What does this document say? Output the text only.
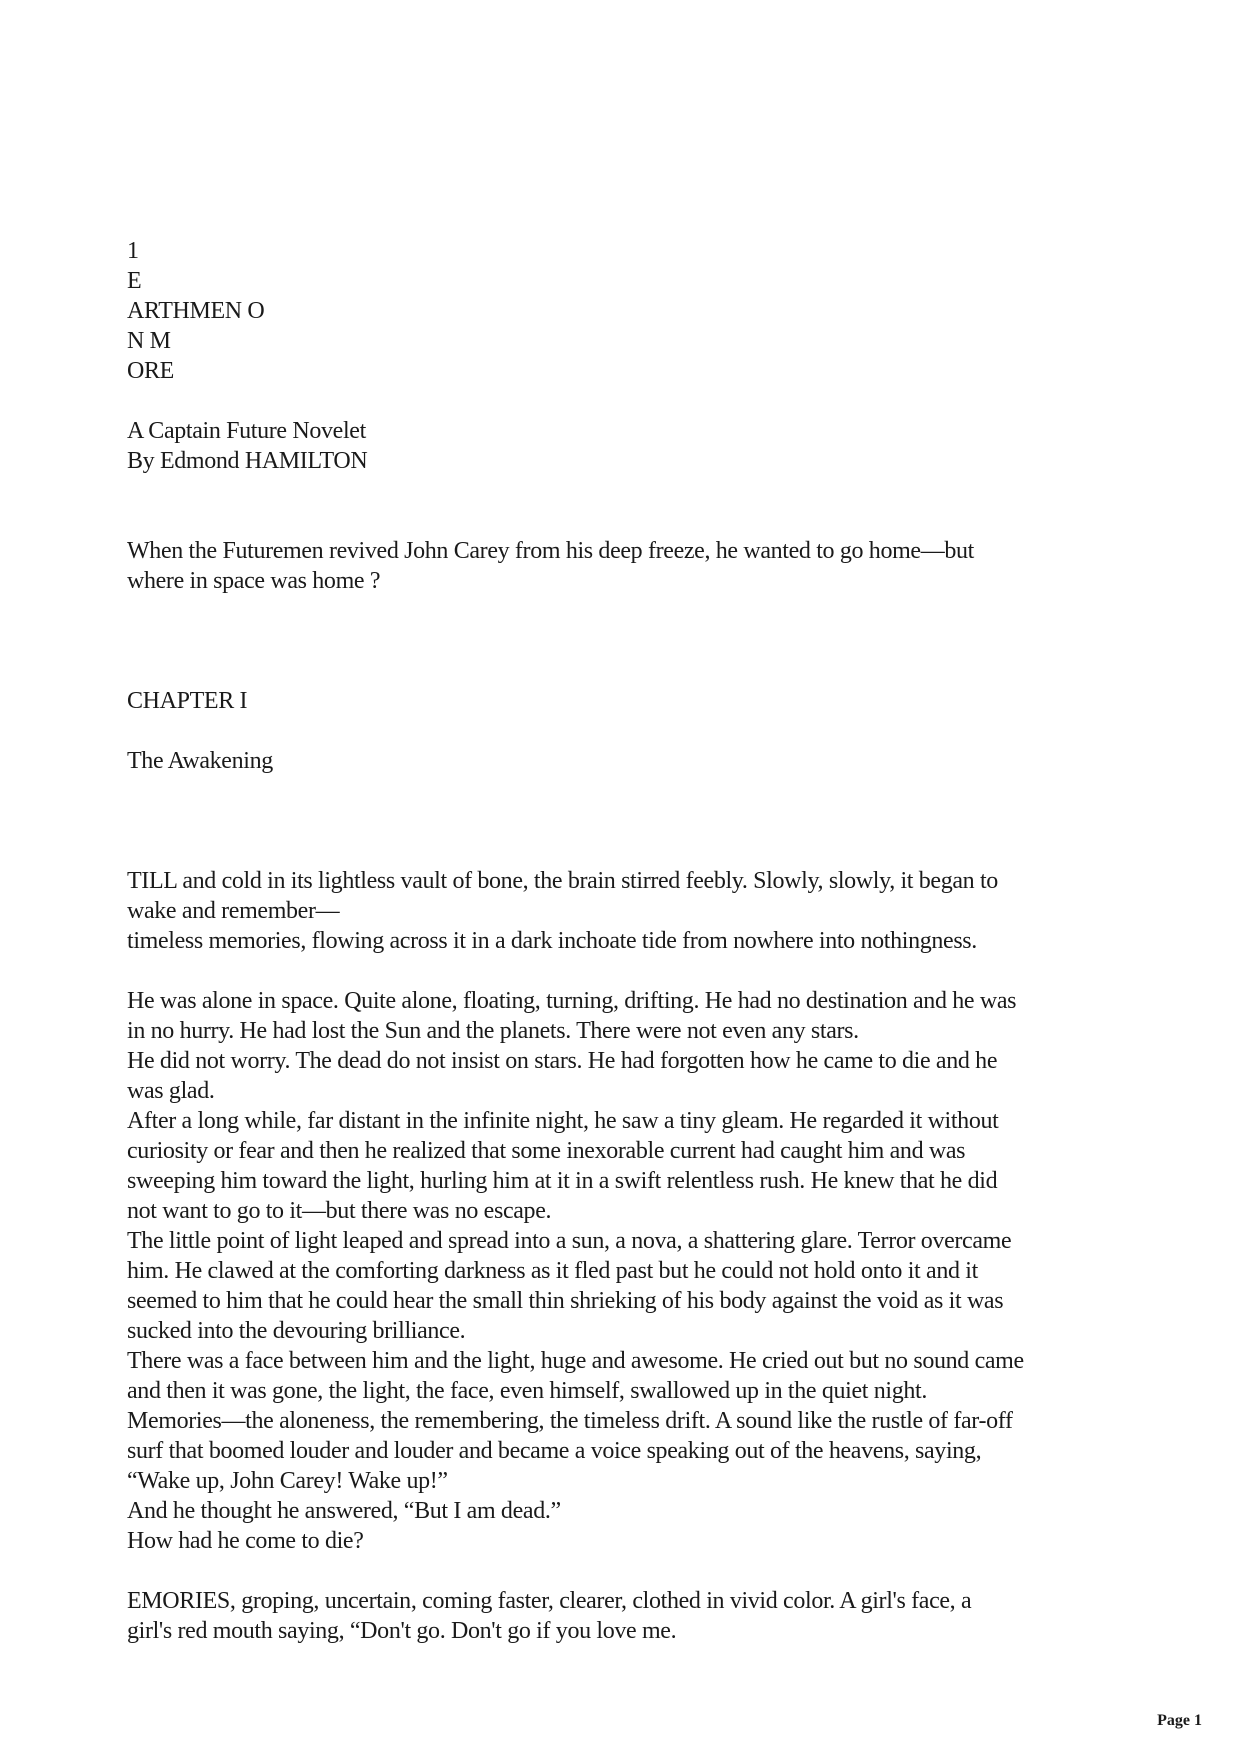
1
E
ARTHMEN O
N M
ORE
A Captain Future Novelet
By Edmond HAMILTON
When the Futuremen revived John Carey from his deep freeze, he wanted to go home—but
where in space was home ?
CHAPTER I
The Awakening
TILL and cold in its lightless vault of bone, the brain stirred feebly. Slowly, slowly, it began to
wake and remember—
timeless memories, flowing across it in a dark inchoate tide from nowhere into nothingness.
He was alone in space. Quite alone, floating, turning, drifting. He had no destination and he was
in no hurry. He had lost the Sun and the planets. There were not even any stars.
He did not worry. The dead do not insist on stars. He had forgotten how he came to die and he
was glad.
After a long while, far distant in the infinite night, he saw a tiny gleam. He regarded it without
curiosity or fear and then he realized that some inexorable current had caught him and was
sweeping him toward the light, hurling him at it in a swift relentless rush. He knew that he did
not want to go to it—but there was no escape.
The little point of light leaped and spread into a sun, a nova, a shattering glare. Terror overcame
him. He clawed at the comforting darkness as it fled past but he could not hold onto it and it
seemed to him that he could hear the small thin shrieking of his body against the void as it was
sucked into the devouring brilliance.
There was a face between him and the light, huge and awesome. He cried out but no sound came
and then it was gone, the light, the face, even himself, swallowed up in the quiet night.
Memories—the aloneness, the remembering, the timeless drift. A sound like the rustle of far-off
surf that boomed louder and louder and became a voice speaking out of the heavens, saying,
“Wake up, John Carey! Wake up!”
And he thought he answered, “But I am dead.”
How had he come to die?
EMORIES, groping, uncertain, coming faster, clearer, clothed in vivid color. A girl's face, a
girl's red mouth saying, “Don't go. Don't go if you love me.
Page 1
